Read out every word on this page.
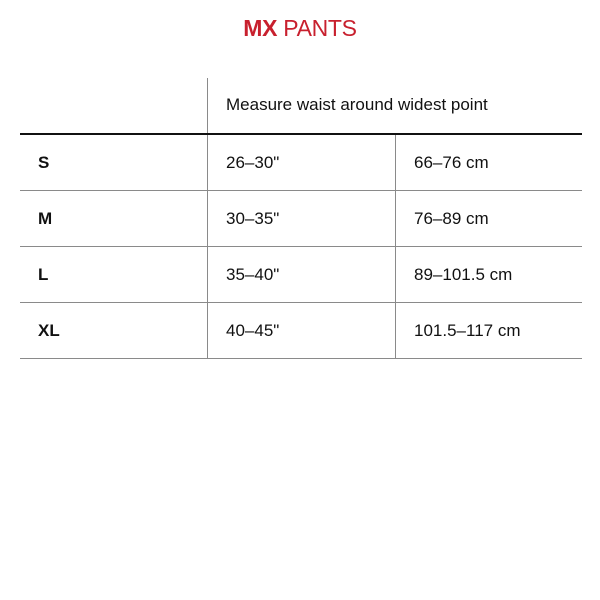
MX PANTS
Measure waist around widest point
S	26–30"	66–76 cm
M	30–35"	76–89 cm
L	35–40"	89–101.5 cm
XL	40–45"	101.5–117 cm
